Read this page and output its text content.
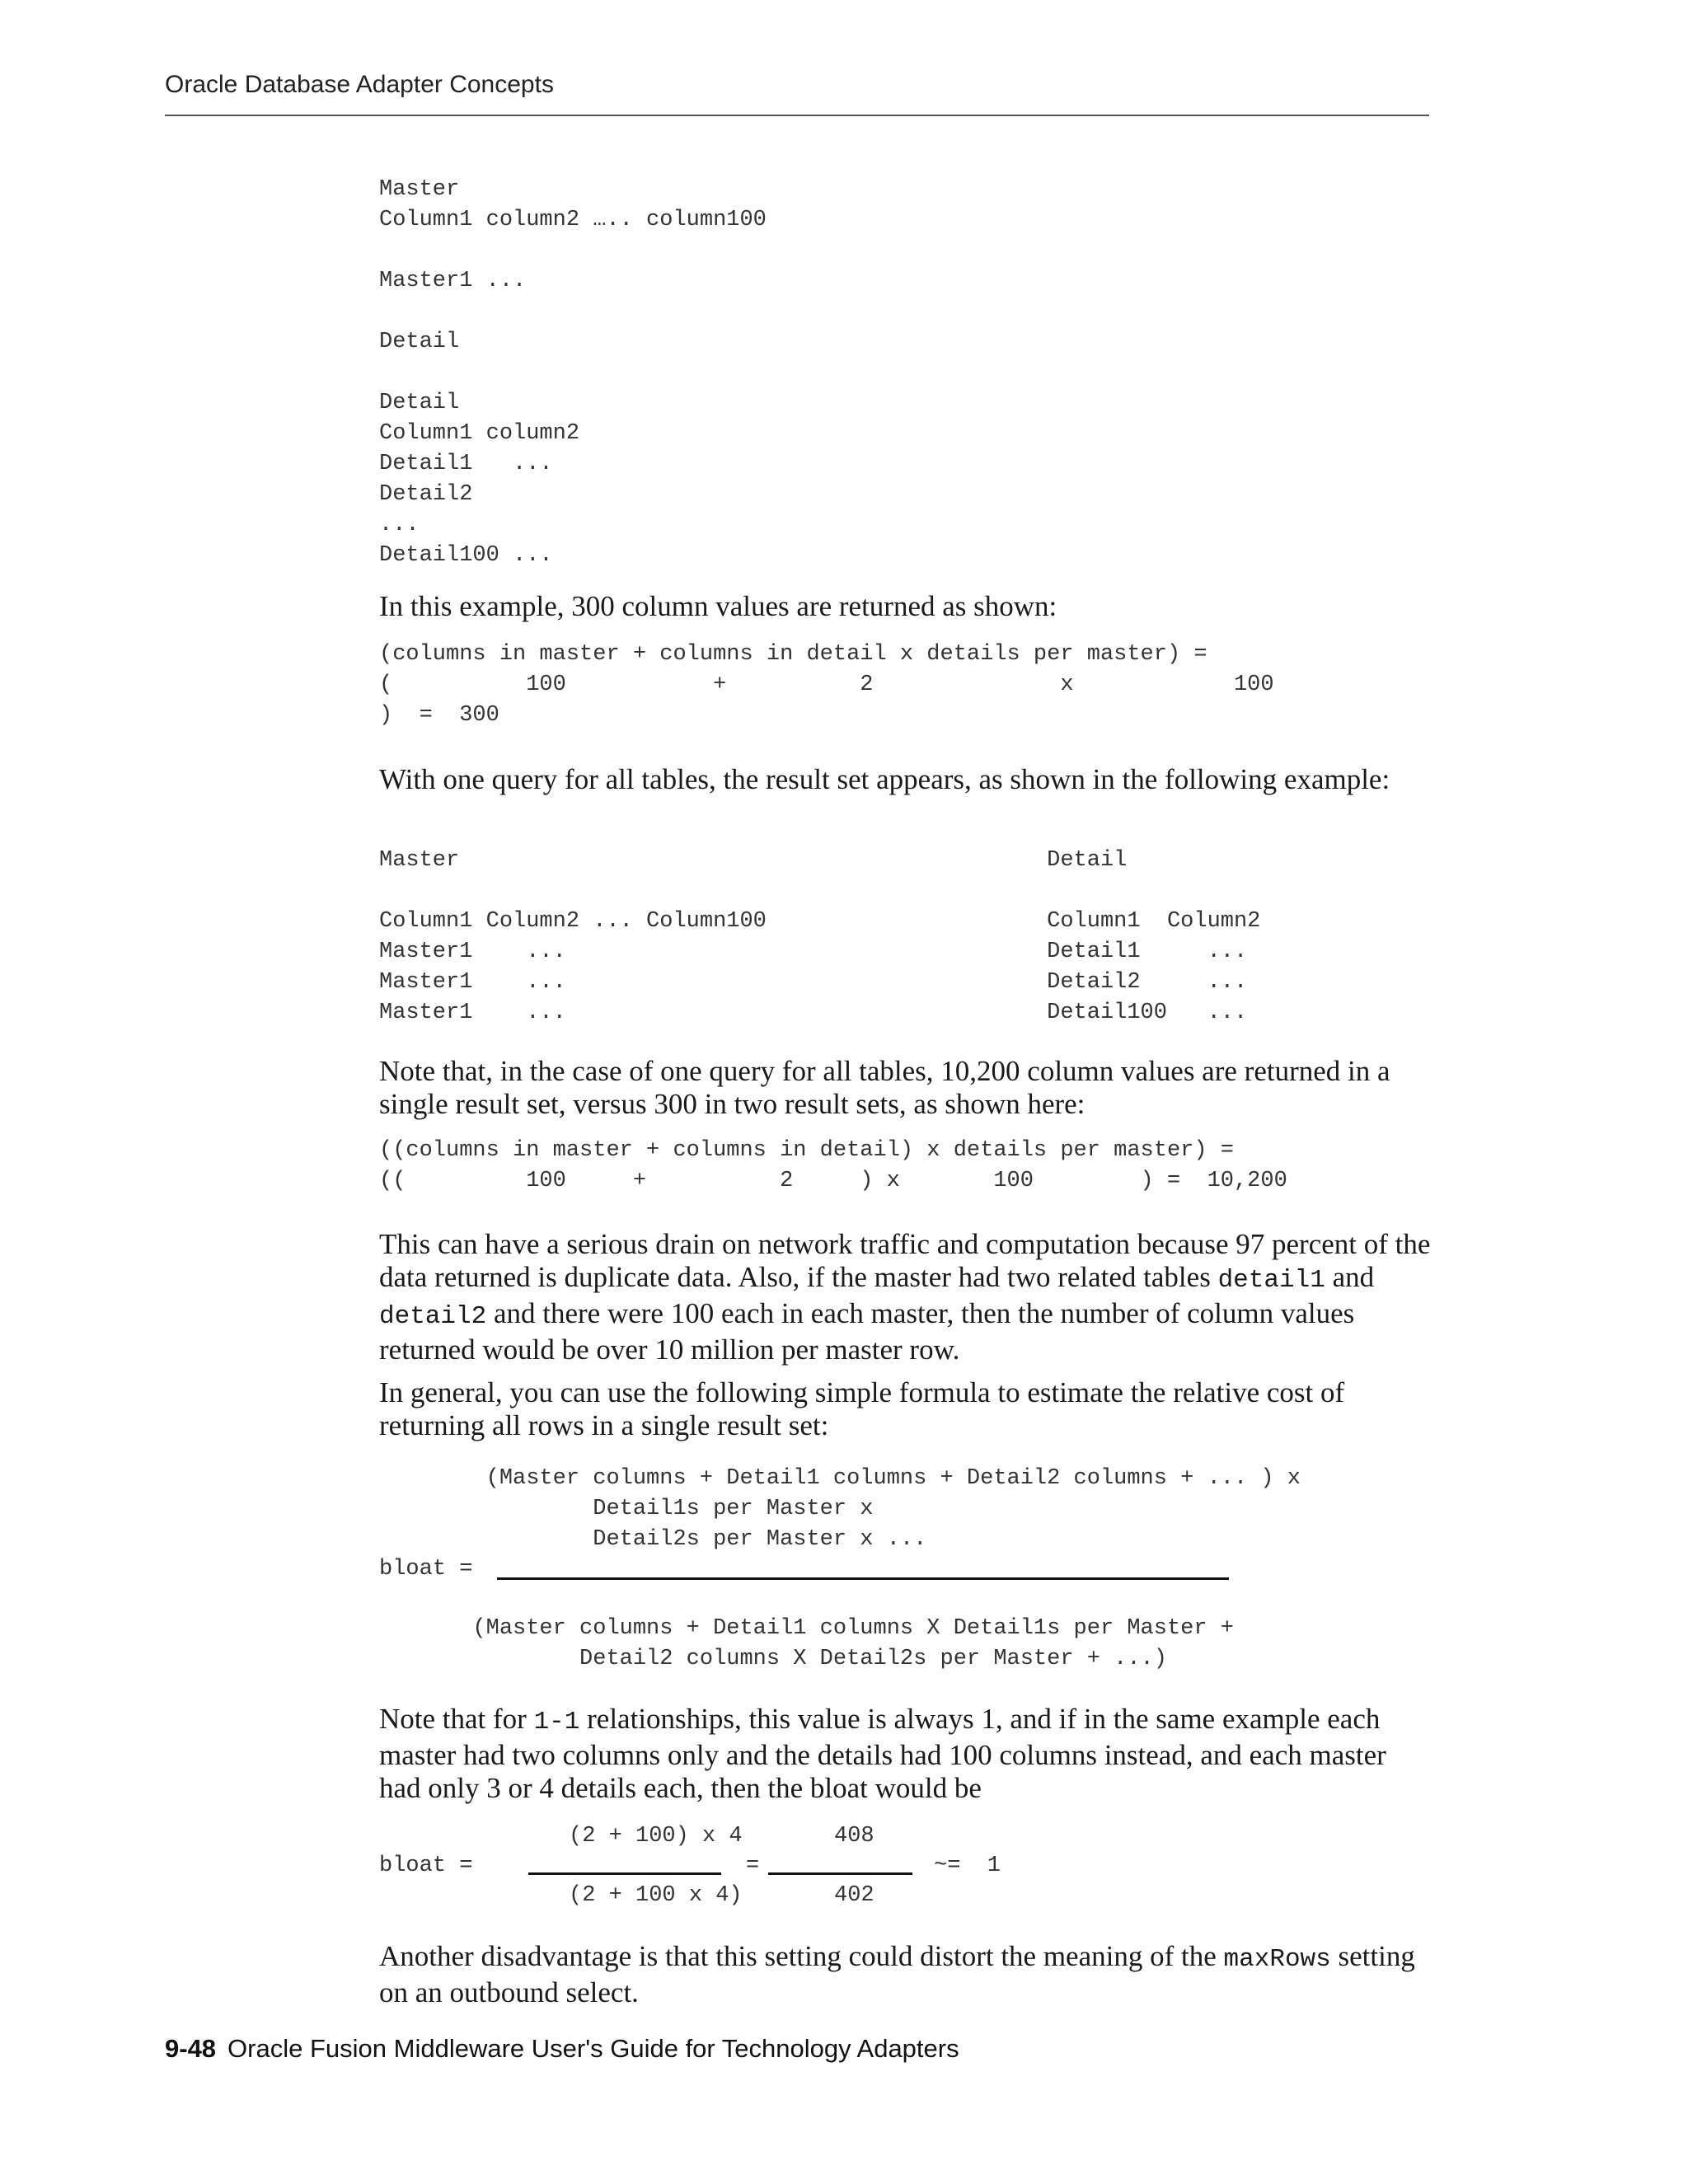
Oracle Database Adapter Concepts
Master
Column1 column2 ….. column100

Master1 ...

Detail

Detail
Column1 column2
Detail1   ...
Detail2
...
Detail100 ...

In this example, 300 column values are returned as shown:

(columns in master + columns in detail x details per master) =
(          100           +          2              x            100
)  =  300

With one query for all tables, the result set appears, as shown in the following example:

Master                                            Detail

Column1 Column2 ... Column100                     Column1  Column2
Master1    ...                                    Detail1     ...
Master1    ...                                    Detail2     ...
Master1    ...                                    Detail100   ...

Note that, in the case of one query for all tables, 10,200 column values are returned in a single result set, versus 300 in two result sets, as shown here:

((columns in master + columns in detail) x details per master) =
((         100     +          2     ) x       100        ) =  10,200

This can have a serious drain on network traffic and computation because 97 percent of the data returned is duplicate data. Also, if the master had two related tables detail1 and detail2 and there were 100 each in each master, then the number of column values returned would be over 10 million per master row.

In general, you can use the following simple formula to estimate the relative cost of returning all rows in a single result set:

(Master columns + Detail1 columns + Detail2 columns + ... ) x
Detail1s per Master x
Detail2s per Master x ...
bloat =
(Master columns + Detail1 columns X Detail1s per Master +
Detail2 columns X Detail2s per Master + ...)

Note that for 1-1 relationships, this value is always 1, and if in the same example each master had two columns only and the details had 100 columns instead, and each master had only 3 or 4 details each, then the bloat would be

(2 + 100) x 4	408
bloat =	=	~=  1
(2 + 100 x 4)	402

Another disadvantage is that this setting could distort the meaning of the maxRows setting on an outbound select.

9-48 Oracle Fusion Middleware User's Guide for Technology Adapters
